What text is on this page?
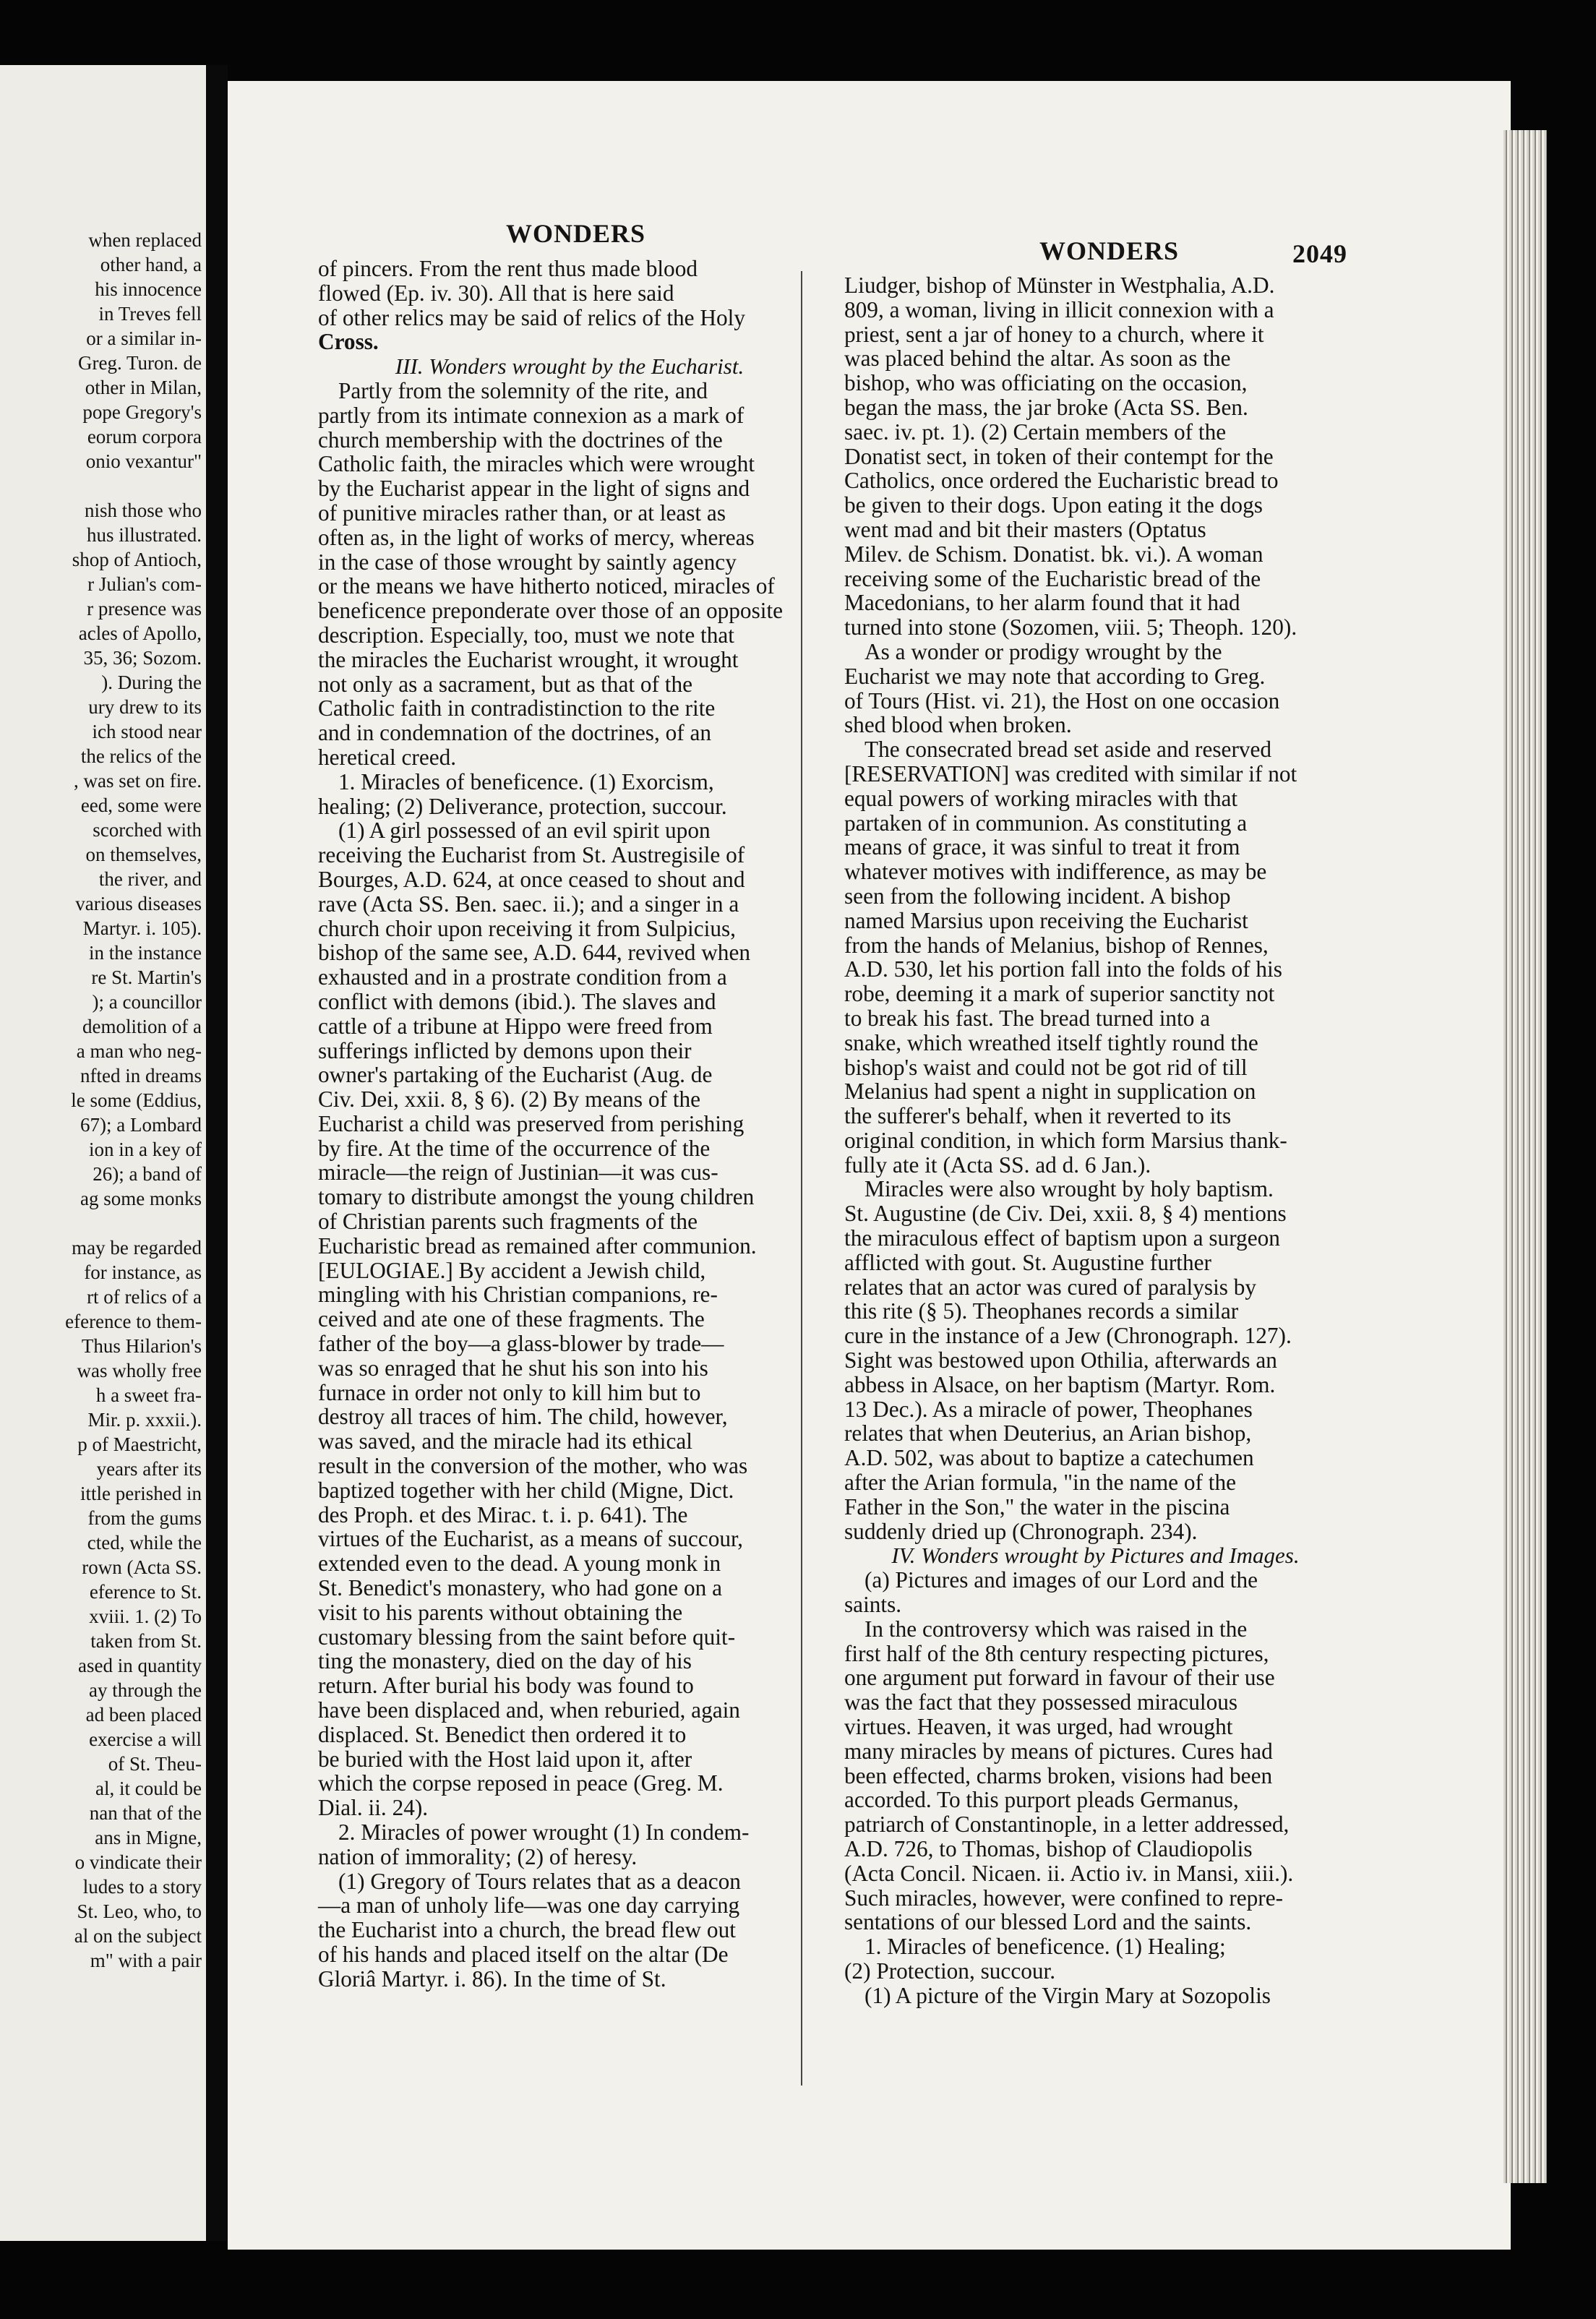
when replaced
other hand, a
his innocence
in Treves fell
or a similar in-
Greg. Turon. de
other in Milan,
pope Gregory's
eorum corpora
onio vexantur"
nish those who
hus illustrated.
shop of Antioch,
r Julian's com-
r presence was
acles of Apollo,
35, 36; Sozom.
). During the
ury drew to its
ich stood near
the relics of the
, was set on fire.
eed, some were
scorched with
on themselves,
the river, and
various diseases
Martyr. i. 105).
in the instance
re St. Martin's
); a councillor
demolition of a
a man who neg-
nfted in dreams
le some (Eddius,
67); a Lombard
ion in a key of
26); a band of
ag some monks
may be regarded
for instance, as
rt of relics of a
eference to them-
Thus Hilarion's
was wholly free
h a sweet fra-
Mir. p. xxxii.).
p of Maestricht,
years after its
ittle perished in
from the gums
cted, while the
rown (Acta SS.
eference to St.
xviii. 1. (2) To
taken from St.
ased in quantity
ay through the
ad been placed
exercise a will
of St. Theu-
al, it could be
nan that of the
ans in Migne,
o vindicate their
ludes to a story
St. Leo, who, to
al on the subject
m" with a pair
WONDERS
WONDERS	2049

of pincers. From the rent thus made blood

flowed (Ep. iv. 30). All that is here said

of other relics may be said of relics of the Holy

Cross.

III. Wonders wrought by the Eucharist.

Partly from the solemnity of the rite, and

partly from its intimate connexion as a mark of

church membership with the doctrines of the

Catholic faith, the miracles which were wrought

by the Eucharist appear in the light of signs and

of punitive miracles rather than, or at least as

often as, in the light of works of mercy, whereas

in the case of those wrought by saintly agency

or the means we have hitherto noticed, miracles of

beneficence preponderate over those of an opposite

description. Especially, too, must we note that

the miracles the Eucharist wrought, it wrought

not only as a sacrament, but as that of the

Catholic faith in contradistinction to the rite

and in condemnation of the doctrines, of an

heretical creed.

1. Miracles of beneficence. (1) Exorcism,

healing; (2) Deliverance, protection, succour.

(1) A girl possessed of an evil spirit upon

receiving the Eucharist from St. Austregisile of

Bourges, A.D. 624, at once ceased to shout and

rave (Acta SS. Ben. saec. ii.); and a singer in a

church choir upon receiving it from Sulpicius,

bishop of the same see, A.D. 644, revived when

exhausted and in a prostrate condition from a

conflict with demons (ibid.). The slaves and

cattle of a tribune at Hippo were freed from

sufferings inflicted by demons upon their

owner's partaking of the Eucharist (Aug. de

Civ. Dei, xxii. 8, § 6). (2) By means of the

Eucharist a child was preserved from perishing

by fire. At the time of the occurrence of the

miracle—the reign of Justinian—it was cus-

tomary to distribute amongst the young children

of Christian parents such fragments of the

Eucharistic bread as remained after communion.

[EULOGIAE.] By accident a Jewish child,

mingling with his Christian companions, re-

ceived and ate one of these fragments. The

father of the boy—a glass-blower by trade—

was so enraged that he shut his son into his

furnace in order not only to kill him but to

destroy all traces of him. The child, however,

was saved, and the miracle had its ethical

result in the conversion of the mother, who was

baptized together with her child (Migne, Dict.

des Proph. et des Mirac. t. i. p. 641). The

virtues of the Eucharist, as a means of succour,

extended even to the dead. A young monk in

St. Benedict's monastery, who had gone on a

visit to his parents without obtaining the

customary blessing from the saint before quit-

ting the monastery, died on the day of his

return. After burial his body was found to

have been displaced and, when reburied, again

displaced. St. Benedict then ordered it to

be buried with the Host laid upon it, after

which the corpse reposed in peace (Greg. M.

Dial. ii. 24).

2. Miracles of power wrought (1) In condem-

nation of immorality; (2) of heresy.

(1) Gregory of Tours relates that as a deacon

—a man of unholy life—was one day carrying

the Eucharist into a church, the bread flew out

of his hands and placed itself on the altar (De

Gloriâ Martyr. i. 86). In the time of St.

Liudger, bishop of Münster in Westphalia, A.D.

809, a woman, living in illicit connexion with a

priest, sent a jar of honey to a church, where it

was placed behind the altar. As soon as the

bishop, who was officiating on the occasion,

began the mass, the jar broke (Acta SS. Ben.

saec. iv. pt. 1). (2) Certain members of the

Donatist sect, in token of their contempt for the

Catholics, once ordered the Eucharistic bread to

be given to their dogs. Upon eating it the dogs

went mad and bit their masters (Optatus

Milev. de Schism. Donatist. bk. vi.). A woman

receiving some of the Eucharistic bread of the

Macedonians, to her alarm found that it had

turned into stone (Sozomen, viii. 5; Theoph. 120).

As a wonder or prodigy wrought by the

Eucharist we may note that according to Greg.

of Tours (Hist. vi. 21), the Host on one occasion

shed blood when broken.

The consecrated bread set aside and reserved

[RESERVATION] was credited with similar if not

equal powers of working miracles with that

partaken of in communion. As constituting a

means of grace, it was sinful to treat it from

whatever motives with indifference, as may be

seen from the following incident. A bishop

named Marsius upon receiving the Eucharist

from the hands of Melanius, bishop of Rennes,

A.D. 530, let his portion fall into the folds of his

robe, deeming it a mark of superior sanctity not

to break his fast. The bread turned into a

snake, which wreathed itself tightly round the

bishop's waist and could not be got rid of till

Melanius had spent a night in supplication on

the sufferer's behalf, when it reverted to its

original condition, in which form Marsius thank-

fully ate it (Acta SS. ad d. 6 Jan.).

Miracles were also wrought by holy baptism.

St. Augustine (de Civ. Dei, xxii. 8, § 4) mentions

the miraculous effect of baptism upon a surgeon

afflicted with gout. St. Augustine further

relates that an actor was cured of paralysis by

this rite (§ 5). Theophanes records a similar

cure in the instance of a Jew (Chronograph. 127).

Sight was bestowed upon Othilia, afterwards an

abbess in Alsace, on her baptism (Martyr. Rom.

13 Dec.). As a miracle of power, Theophanes

relates that when Deuterius, an Arian bishop,

A.D. 502, was about to baptize a catechumen

after the Arian formula, "in the name of the

Father in the Son," the water in the piscina

suddenly dried up (Chronograph. 234).

IV. Wonders wrought by Pictures and Images.

(a) Pictures and images of our Lord and the

saints.

In the controversy which was raised in the

first half of the 8th century respecting pictures,

one argument put forward in favour of their use

was the fact that they possessed miraculous

virtues. Heaven, it was urged, had wrought

many miracles by means of pictures. Cures had

been effected, charms broken, visions had been

accorded. To this purport pleads Germanus,

patriarch of Constantinople, in a letter addressed,

A.D. 726, to Thomas, bishop of Claudiopolis

(Acta Concil. Nicaen. ii. Actio iv. in Mansi, xiii.).

Such miracles, however, were confined to repre-

sentations of our blessed Lord and the saints.

1. Miracles of beneficence. (1) Healing;

(2) Protection, succour.

(1) A picture of the Virgin Mary at Sozopolis
